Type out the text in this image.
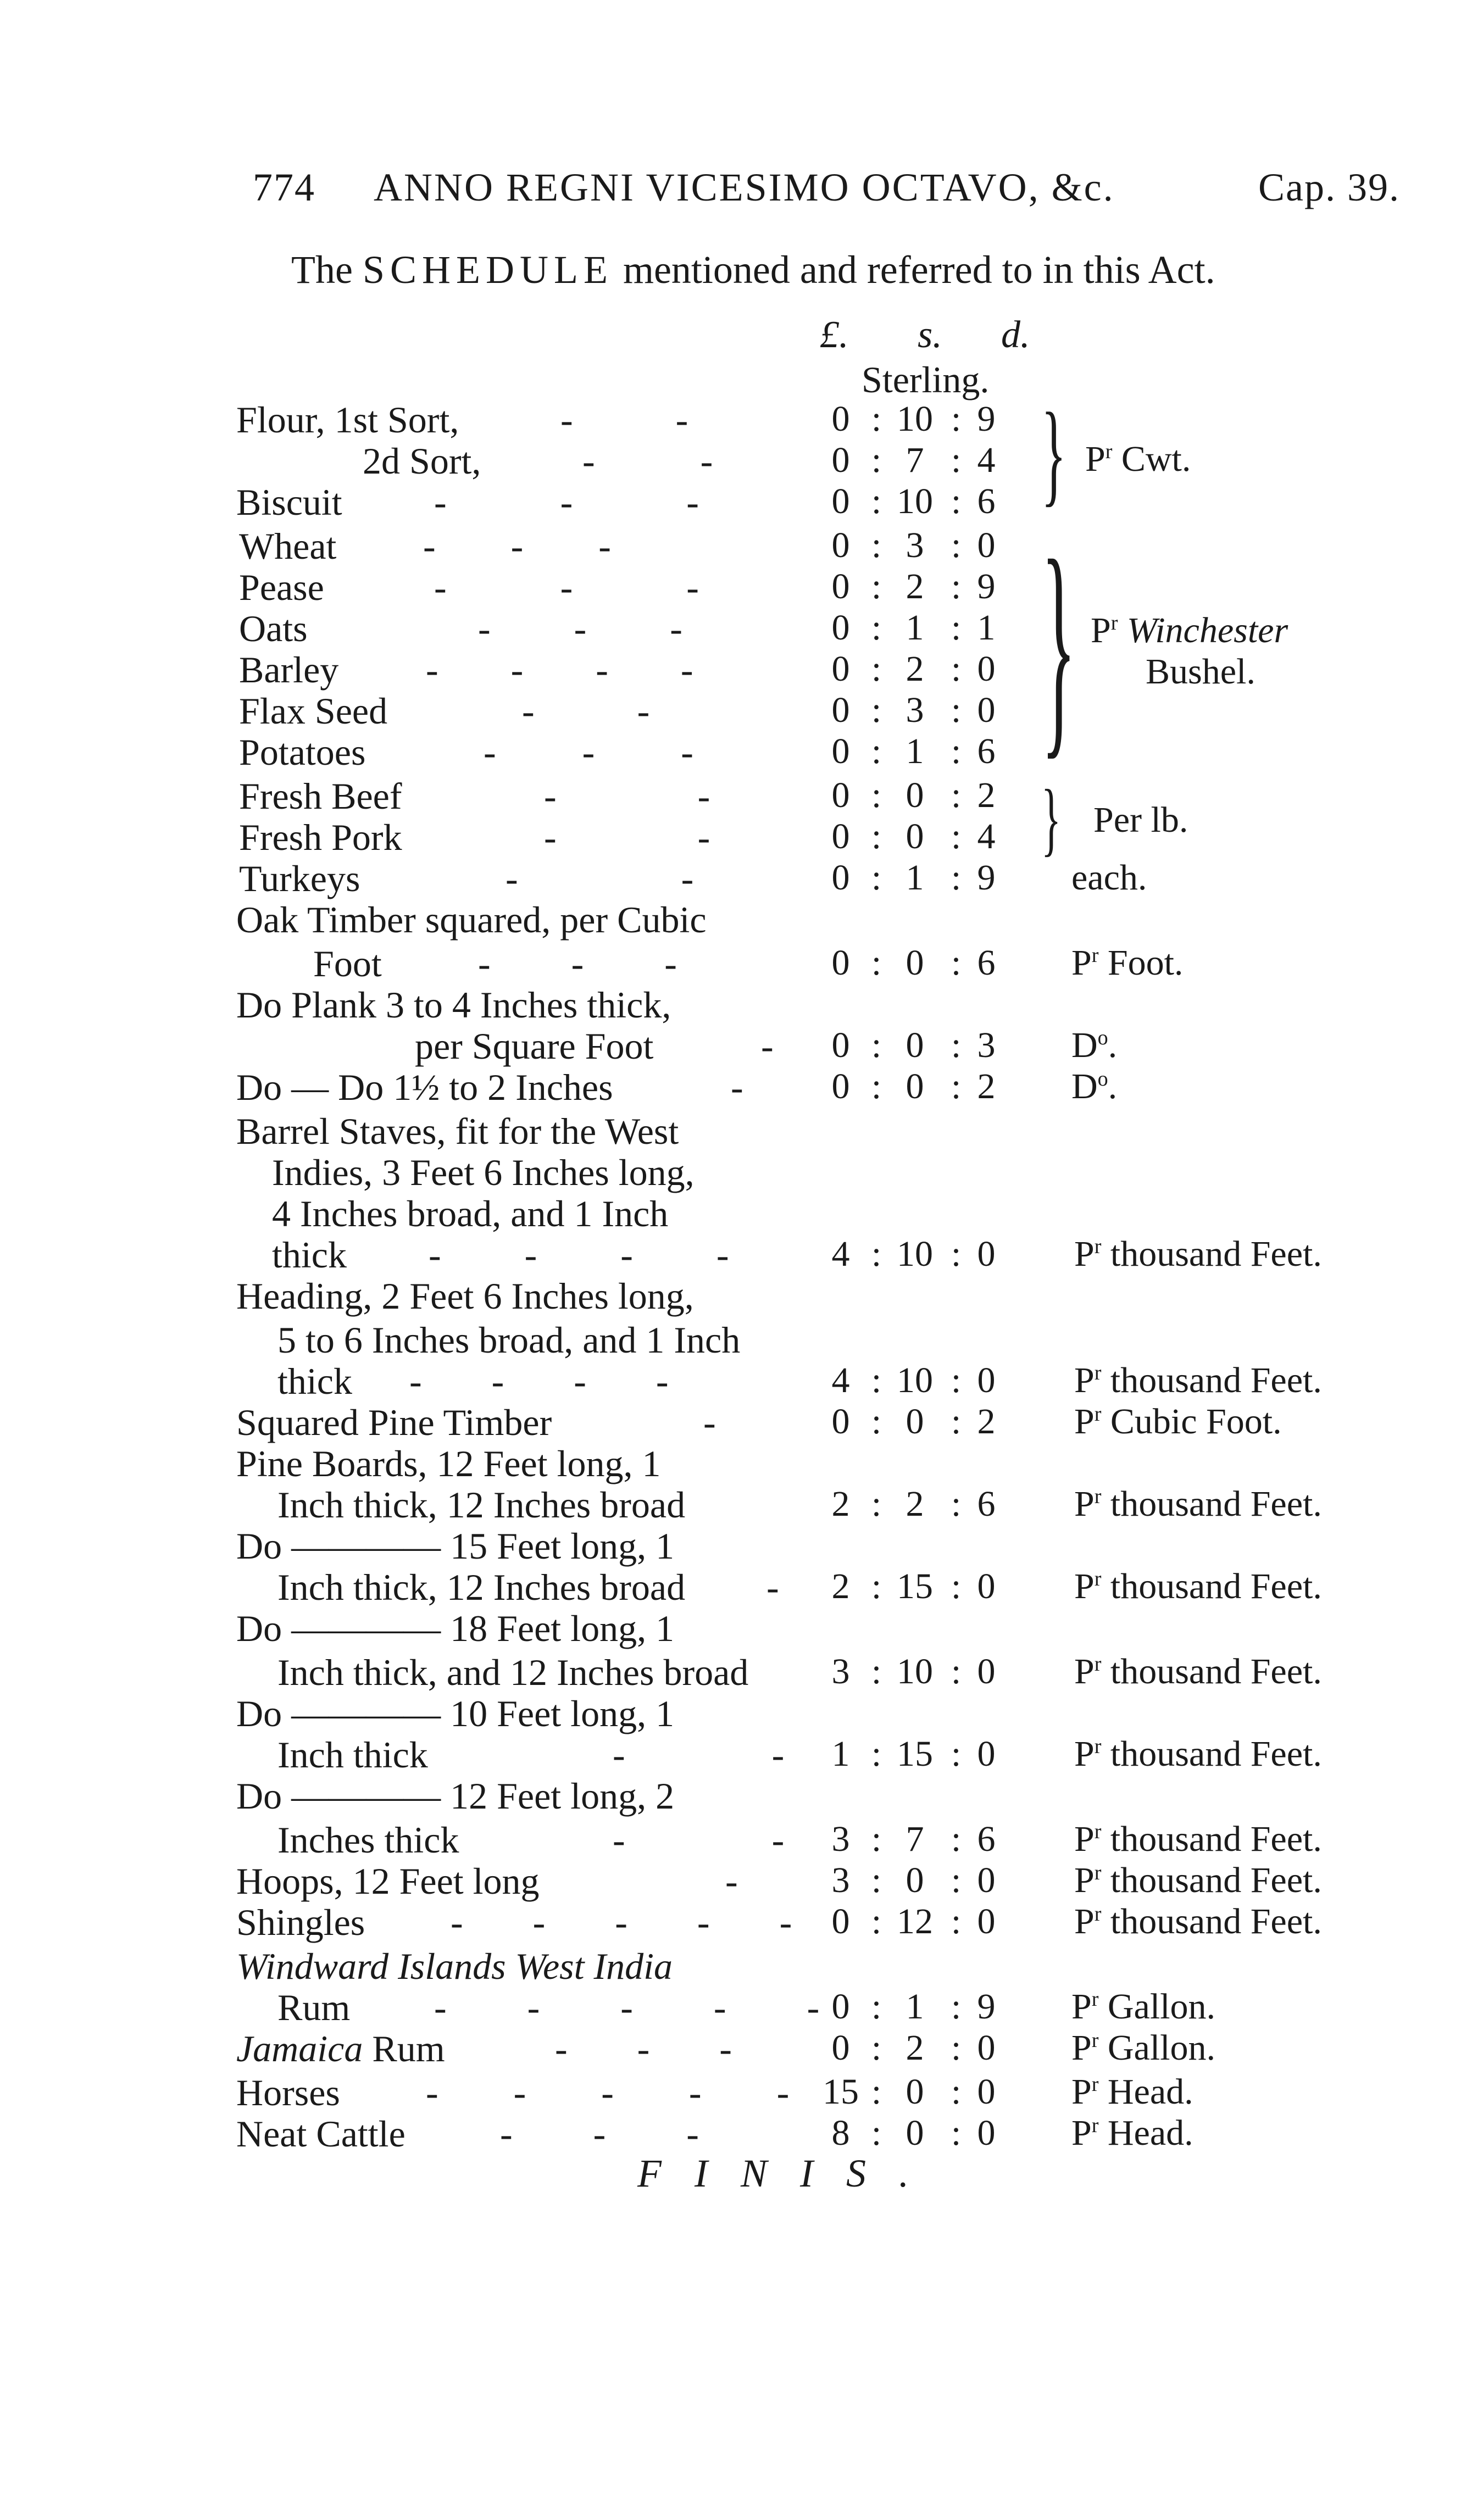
774 ANNO REGNI VICESIMO OCTAVO, &c.	Cap. 39.
The SCHEDULE mentioned and referred to in this Act.
£. s. d.
Sterling.
Flour, 1st Sort,	- -	0 : 10 : 9
2d Sort,	- -	0 : 7 : 4
Biscuit - - -	0 : 10 : 6
Wheat - - -	0 : 3 : 0
Pease	- - -	0 : 2 : 9
Oats	- - -	0 : 1 : 1
Barley - - - -	0 : 2 : 0
Flax Seed	- -	0 : 3 : 0
Potatoes	- - -	0 : 1 : 6
Fresh Beef	- -	0 : 0 : 2
Fresh Pork	- -	0 : 0 : 4
Turkeys	- -	0 : 1 : 9 each.
Oak Timber squared, per Cubic
Foot	- - -	0 : 0 : 6 $P^r$ Foot.
Do Plank 3 to 4 Inches thick,
per Square Foot	-	0 : 0 : 3 $D^o$.
Do — Do 1½ to 2 Inches	-	0 : 0 : 2 $D^o$.
Barrel Staves, fit for the West
Indies, 3 Feet 6 Inches long,
4 Inches broad, and 1 Inch
thick - - - -	4 : 10 : 0 $P^r$ thousand Feet.
Heading, 2 Feet 6 Inches long,
5 to 6 Inches broad, and 1 Inch
thick - - - -	4 : 10 : 0 $P^r$ thousand Feet.
Squared Pine Timber	-	0 : 0 : 2 $P^r$ Cubic Foot.
Pine Boards, 12 Feet long, 1
Inch thick, 12 Inches broad	2 : 2 : 6 $P^r$ thousand Feet.
Do ———— 15 Feet long, 1
Inch thick, 12 Inches broad -	2 : 15 : 0 $P^r$ thousand Feet.
Do ———— 18 Feet long, 1
Inch thick, and 12 Inches broad	3 : 10 : 0 $P^r$ thousand Feet.
Do ———— 10 Feet long, 1
Inch thick	- -	1 : 15 : 0 $P^r$ thousand Feet.
Do ———— 12 Feet long, 2
Inches thick	- -	3 : 7 : 6 $P^r$ thousand Feet.
Hoops, 12 Feet long	-	3 : 0 : 0 $P^r$ thousand Feet.
Shingles - - - - -	0 : 12 : 0 $P^r$ thousand Feet.
Windward Islands West India
Rum - - - - - 0 : 1 : 9 $P^r$ Gallon.
Jamaica Rum	- - -	0 : 2 : 0 $P^r$ Gallon.
Horses - - - - - 15 : 0 : 0 $P^r$ Head.
Neat Cattle	- - -	8 : 0 : 0 $P^r$ Head.
} $P^r$ Cwt.
} $P^r$ Winchester
Bushel.
} Per lb.
FINIS.
